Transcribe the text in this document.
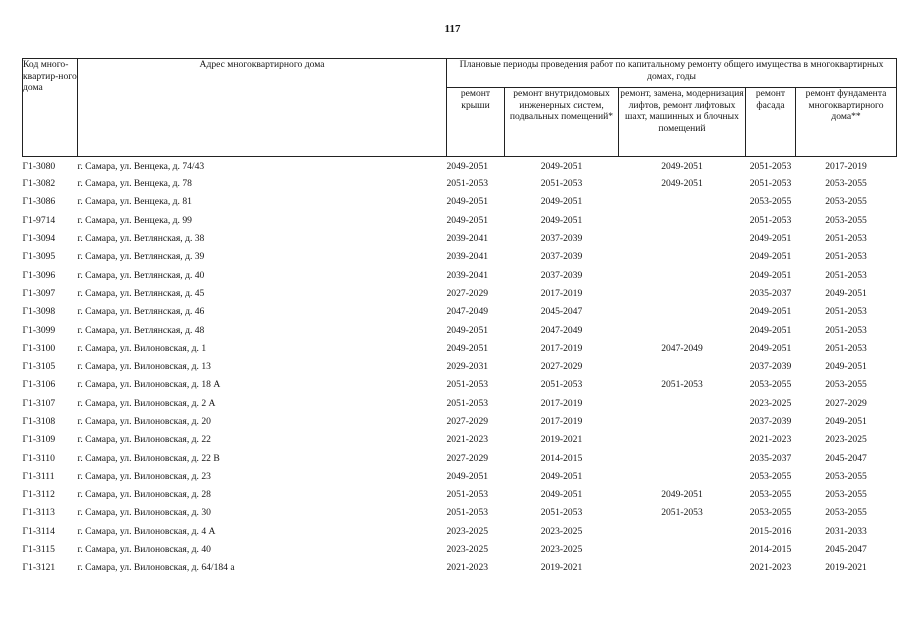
117
Код много-квартир-ного дома	Адрес многоквартирного дома	Плановые периоды проведения работ по капитальному ремонту общего имущества в многоквартирных домах, годы				
		ремонт крыши	ремонт внутридомовых инженерных систем, подвальных помещений*	ремонт, замена, модернизация лифтов, ремонт лифтовых шахт, машинных и блочных помещений	ремонт фасада	ремонт фундамента многоквартирного дома**
Г1-3080	г. Самара, ул. Венцека, д. 74/43	2049-2051	2049-2051	2049-2051	2051-2053	2017-2019
Г1-3082	г. Самара, ул. Венцека, д. 78	2051-2053	2051-2053	2049-2051	2051-2053	2053-2055
Г1-3086	г. Самара, ул. Венцека, д. 81	2049-2051	2049-2051		2053-2055	2053-2055
Г1-9714	г. Самара, ул. Венцека, д. 99	2049-2051	2049-2051		2051-2053	2053-2055
Г1-3094	г. Самара, ул. Ветлянская, д. 38	2039-2041	2037-2039		2049-2051	2051-2053
Г1-3095	г. Самара, ул. Ветлянская, д. 39	2039-2041	2037-2039		2049-2051	2051-2053
Г1-3096	г. Самара, ул. Ветлянская, д. 40	2039-2041	2037-2039		2049-2051	2051-2053
Г1-3097	г. Самара, ул. Ветлянская, д. 45	2027-2029	2017-2019		2035-2037	2049-2051
Г1-3098	г. Самара, ул. Ветлянская, д. 46	2047-2049	2045-2047		2049-2051	2051-2053
Г1-3099	г. Самара, ул. Ветлянская, д. 48	2049-2051	2047-2049		2049-2051	2051-2053
Г1-3100	г. Самара, ул. Вилоновская, д. 1	2049-2051	2017-2019	2047-2049	2049-2051	2051-2053
Г1-3105	г. Самара, ул. Вилоновская, д. 13	2029-2031	2027-2029		2037-2039	2049-2051
Г1-3106	г. Самара, ул. Вилоновская, д. 18 А	2051-2053	2051-2053	2051-2053	2053-2055	2053-2055
Г1-3107	г. Самара, ул. Вилоновская, д. 2 А	2051-2053	2017-2019		2023-2025	2027-2029
Г1-3108	г. Самара, ул. Вилоновская, д. 20	2027-2029	2017-2019		2037-2039	2049-2051
Г1-3109	г. Самара, ул. Вилоновская, д. 22	2021-2023	2019-2021		2021-2023	2023-2025
Г1-3110	г. Самара, ул. Вилоновская, д. 22 В	2027-2029	2014-2015		2035-2037	2045-2047
Г1-3111	г. Самара, ул. Вилоновская, д. 23	2049-2051	2049-2051		2053-2055	2053-2055
Г1-3112	г. Самара, ул. Вилоновская, д. 28	2051-2053	2049-2051	2049-2051	2053-2055	2053-2055
Г1-3113	г. Самара, ул. Вилоновская, д. 30	2051-2053	2051-2053	2051-2053	2053-2055	2053-2055
Г1-3114	г. Самара, ул. Вилоновская, д. 4 А	2023-2025	2023-2025		2015-2016	2031-2033
Г1-3115	г. Самара, ул. Вилоновская, д. 40	2023-2025	2023-2025		2014-2015	2045-2047
Г1-3121	г. Самара, ул. Вилоновская, д. 64/184 а	2021-2023	2019-2021		2021-2023	2019-2021
